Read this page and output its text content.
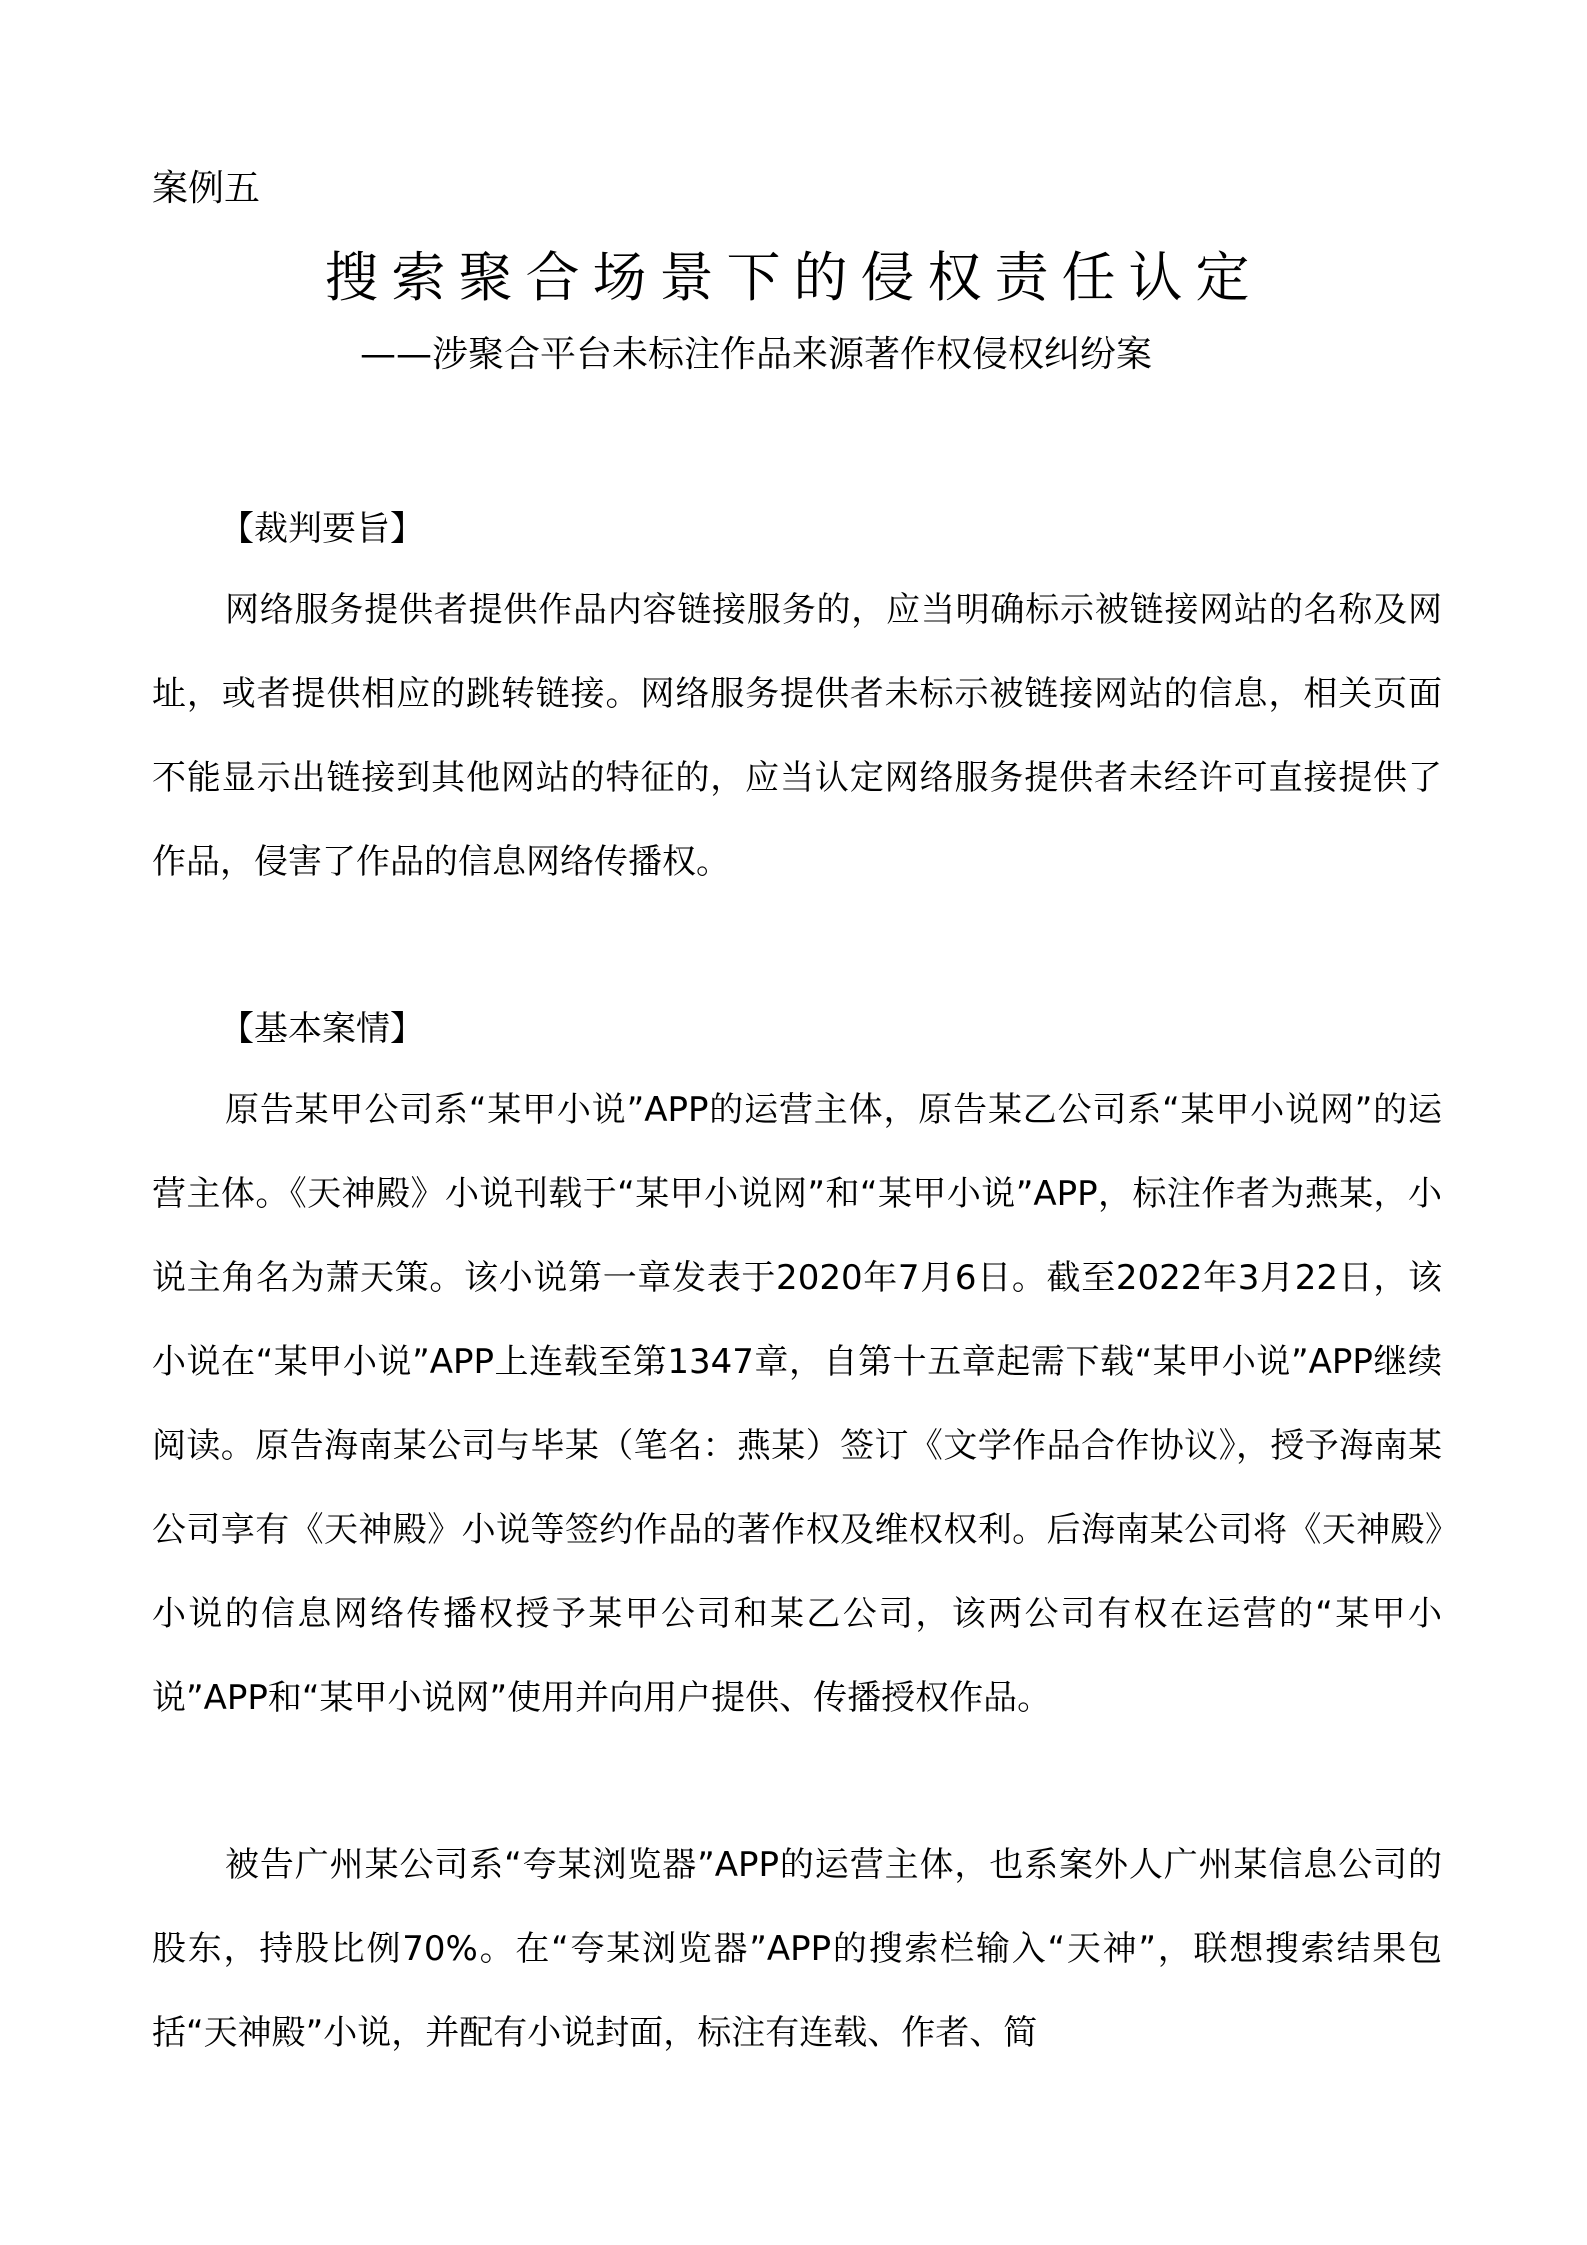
案例五
搜索聚合场景下的侵权责任认定
——涉聚合平台未标注作品来源著作权侵权纠纷案
【裁判要旨】

网络服务提供者提供作品内容链接服务的，应当明确标示被链接网站的名称及网址，或者提供相应的跳转链接。网络服务提供者未标示被链接网站的信息，相关页面不能显示出链接到其他网站的特征的，应当认定网络服务提供者未经许可直接提供了作品，侵害了作品的信息网络传播权。

【基本案情】

原告某甲公司系“某甲小说”APP的运营主体，原告某乙公司系“某甲小说网”的运营主体。《天神殿》小说刊载于“某甲小说网”和“某甲小说”APP，标注作者为燕某，小说主角名为萧天策。该小说第一章发表于2020年7月6日。截至2022年3月22日，该小说在“某甲小说”APP上连载至第1347章，自第十五章起需下载“某甲小说”APP继续阅读。原告海南某公司与毕某（笔名：燕某）签订《文学作品合作协议》，授予海南某公司享有《天神殿》小说等签约作品的著作权及维权权利。后海南某公司将《天神殿》小说的信息网络传播权授予某甲公司和某乙公司，该两公司有权在运营的“某甲小说”APP和“某甲小说网”使用并向用户提供、传播授权作品。

被告广州某公司系“夸某浏览器”APP的运营主体，也系案外人广州某信息公司的股东，持股比例70%。在“夸某浏览器”APP的搜索栏输入“天神”，联想搜索结果包括“天神殿”小说，并配有小说封面，标注有连载、作者、简
